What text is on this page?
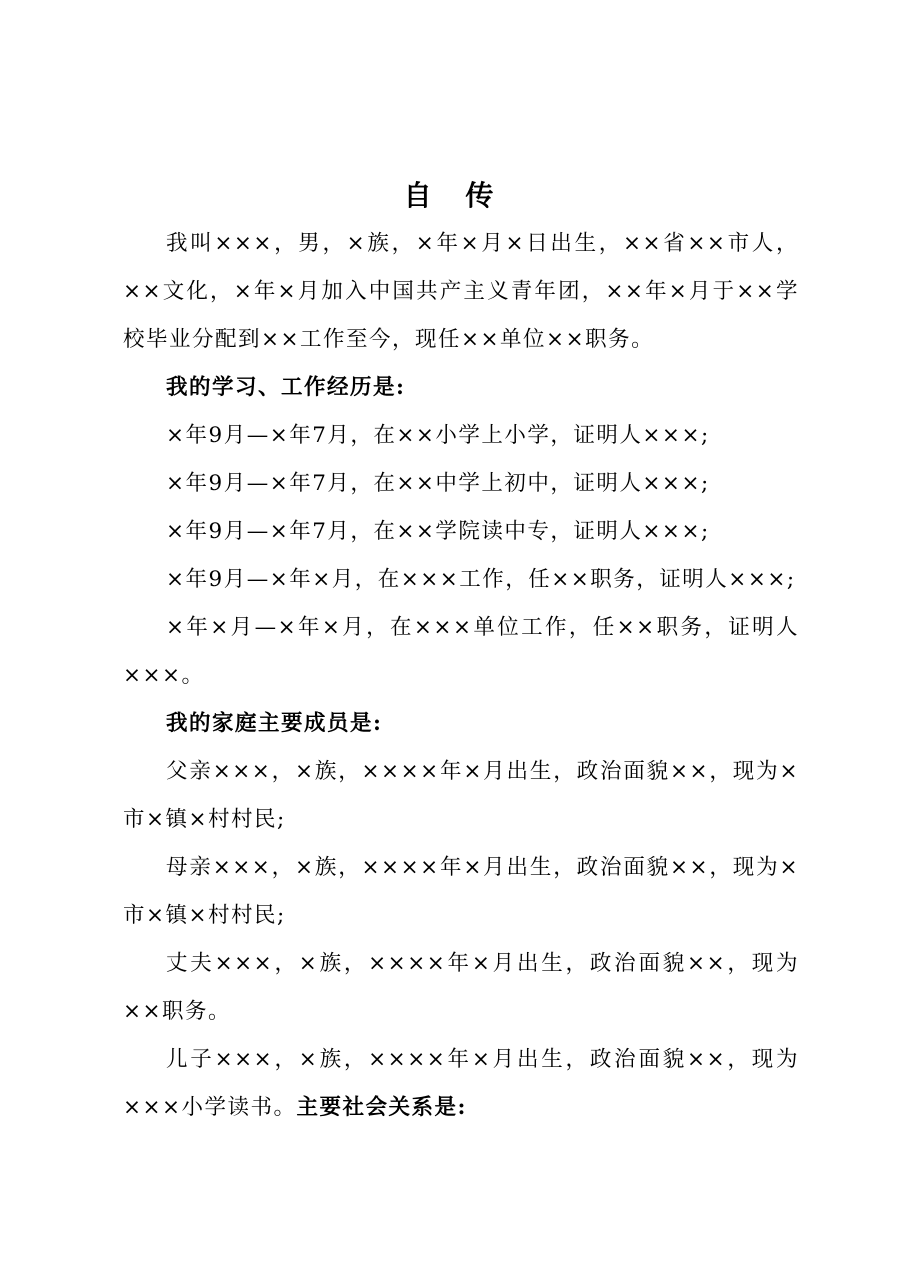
自 传

我叫×××，男，×族，×年×月×日出生，××省××市人， ××文化，×年×月加入中国共产主义青年团，××年×月于××学校毕业分配到××工作至今，现任××单位××职务。

我的学习、工作经历是:

×年9月—×年7月，在××小学上小学，证明人×××;

×年9月—×年7月，在××中学上初中，证明人×××;

×年9月—×年7月，在××学院读中专，证明人×××;

×年9月—×年×月，在×××工作，任××职务，证明人×××;

×年×月—×年×月，在×××单位工作，任××职务，证明人×××。

我的家庭主要成员是:

父亲×××，×族，××××年×月出生，政治面貌××，现为×市×镇×村村民;

母亲×××，×族，××××年×月出生，政治面貌××，现为×市×镇×村村民;

丈夫×××，×族，××××年×月出生，政治面貌××，现为××职务。

儿子×××，×族，××××年×月出生，政治面貌××，现为×××小学读书。主要社会关系是:
